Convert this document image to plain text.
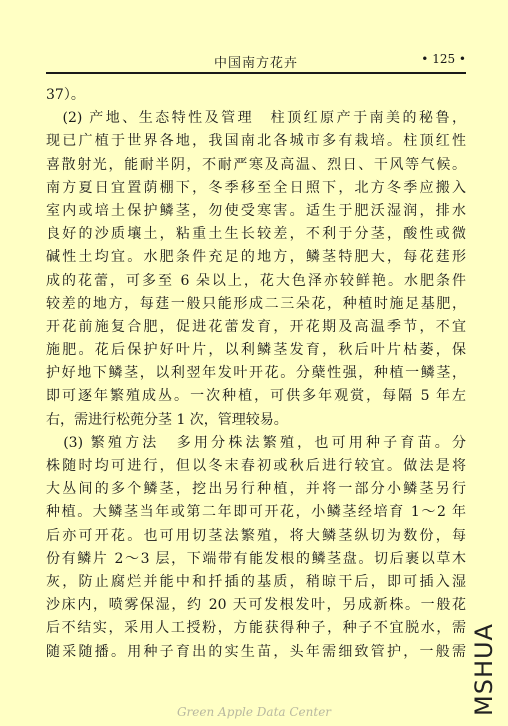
中国南方花卉	• 125 •
37）。
　(2) 产地、生态特性及管理　柱顶红原产于南美的秘鲁，
现已广植于世界各地，我国南北各城市多有栽培。柱顶红性
喜散射光，能耐半阴，不耐严寒及高温、烈日、干风等气候。
南方夏日宜置荫棚下，冬季移至全日照下，北方冬季应搬入
室内或培土保护鳞茎，勿使受寒害。适生于肥沃湿润，排水
良好的沙质壤土，粘重土生长较差，不利于分茎，酸性或微
碱性土均宜。水肥条件充足的地方，鳞茎特肥大，每花莛形
成的花蕾，可多至 6 朵以上，花大色泽亦较鲜艳。水肥条件
较差的地方，每莛一般只能形成二三朵花，种植时施足基肥，
开花前施复合肥，促进花蕾发育，开花期及高温季节，不宜
施肥。花后保护好叶片，以利鳞茎发育，秋后叶片枯萎，保
护好地下鳞茎，以利翌年发叶开花。分蘖性强，种植一鳞茎，
即可逐年繁殖成丛。一次种植，可供多年观赏，每隔 5 年左
右，需进行松蔸分茎 1 次，管理较易。
　(3) 繁殖方法　多用分株法繁殖，也可用种子育苗。分
株随时均可进行，但以冬末春初或秋后进行较宜。做法是将
大丛间的多个鳞茎，挖出另行种植，并将一部分小鳞茎另行
种植。大鳞茎当年或第二年即可开花，小鳞茎经培育 1～2 年
后亦可开花。也可用切茎法繁殖，将大鳞茎纵切为数份，每
份有鳞片 2～3 层，下端带有能发根的鳞茎盘。切后裹以草木
灰，防止腐烂并能中和扦插的基质，稍晾干后，即可插入湿
沙床内，喷雾保湿，约 20 天可发根发叶，另成新株。一般花
后不结实，采用人工授粉，方能获得种子，种子不宜脱水，需
随采随播。用种子育出的实生苗，头年需细致管护，一般需 MSHUA
Green Apple Data Center
